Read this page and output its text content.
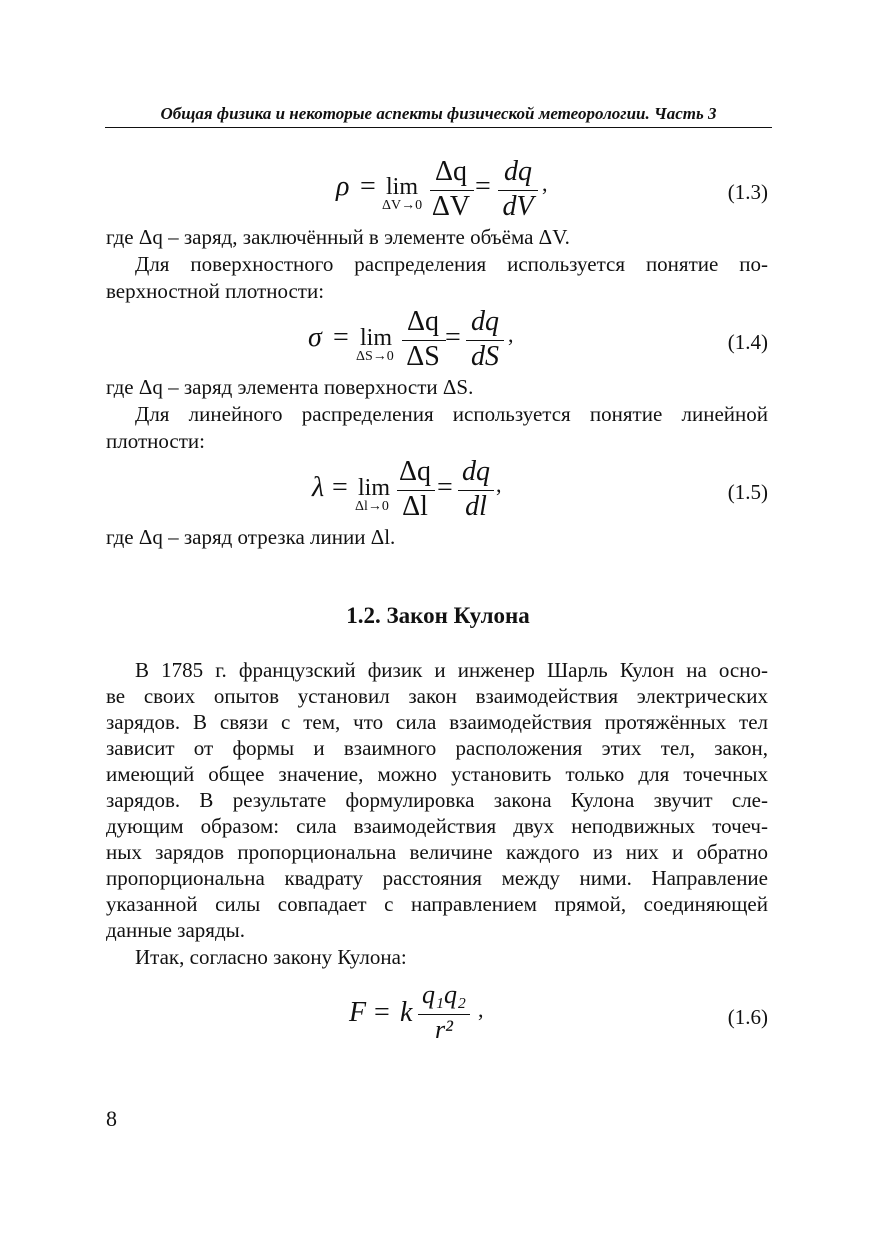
Общая физика и некоторые аспекты физической метеорологии. Часть 3
ρ = lim
ΔV→0
Δq
ΔV
= dq
dV
,	(1.3)
где Δq – заряд, заключённый в элементе объёма ΔV.
Для поверхностного распределения используется понятие по-
верхностной плотности:
σ = lim
ΔS→0
Δq
ΔS
=
dq
dS
,	(1.4)
где Δq – заряд элемента поверхности ΔS.
Для линейного распределения используется понятие линейной
плотности:
λ = lim
Δl→0
Δq
Δl
=
dq
dl
,	(1.5)
где Δq – заряд отрезка линии Δl.
1.2. Закон Кулона
В 1785 г. французский физик и инженер Шарль Кулон на осно-
ве своих опытов установил закон взаимодействия электрических
зарядов. В связи с тем, что сила взаимодействия протяжённых тел
зависит от формы и взаимного расположения этих тел, закон,
имеющий общее значение, можно установить только для точечных
зарядов. В результате формулировка закона Кулона звучит сле-
дующим образом: сила взаимодействия двух неподвижных точеч-
ных зарядов пропорциональна величине каждого из них и обратно
пропорциональна квадрату расстояния между ними. Направление
указанной силы совпадает с направлением прямой, соединяющей
данные заряды.
Итак, согласно закону Кулона:
F = k
q₁q₂
r²
,	(1.6)
8
